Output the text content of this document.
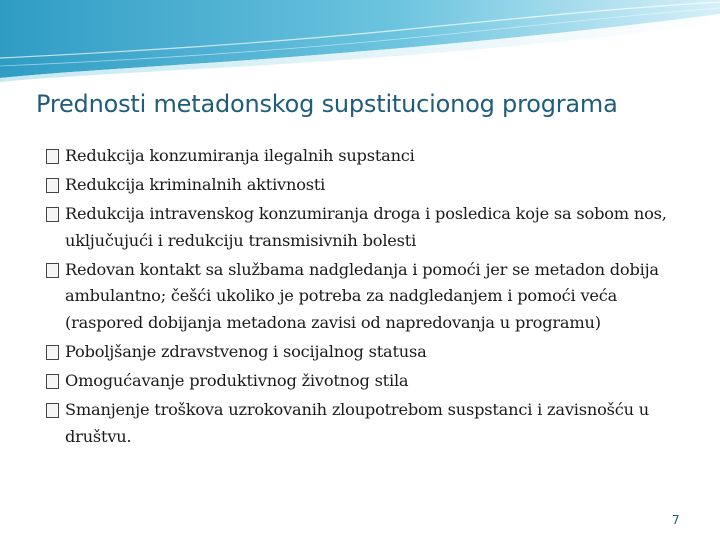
Prednosti metadonskog supstitucionog programa
Redukcija konzumiranja ilegalnih supstanci
Redukcija kriminalnih aktivnosti
Redukcija intravenskog konzumiranja droga i posledica koje sa sobom nos, uključujući i redukciju transmisivnih bolesti
Redovan kontakt sa službama nadgledanja i pomoći jer se metadon dobija ambulantno; češći ukoliko je potreba za nadgledanjem i pomoći veća (raspored dobijanja metadona zavisi od napredovanja u programu)
Poboljšanje zdravstvenog i socijalnog statusa
Omogućavanje produktivnog životnog stila
Smanjenje troškova uzrokovanih zloupotrebom suspstanci i zavisnošću u društvu.
7
